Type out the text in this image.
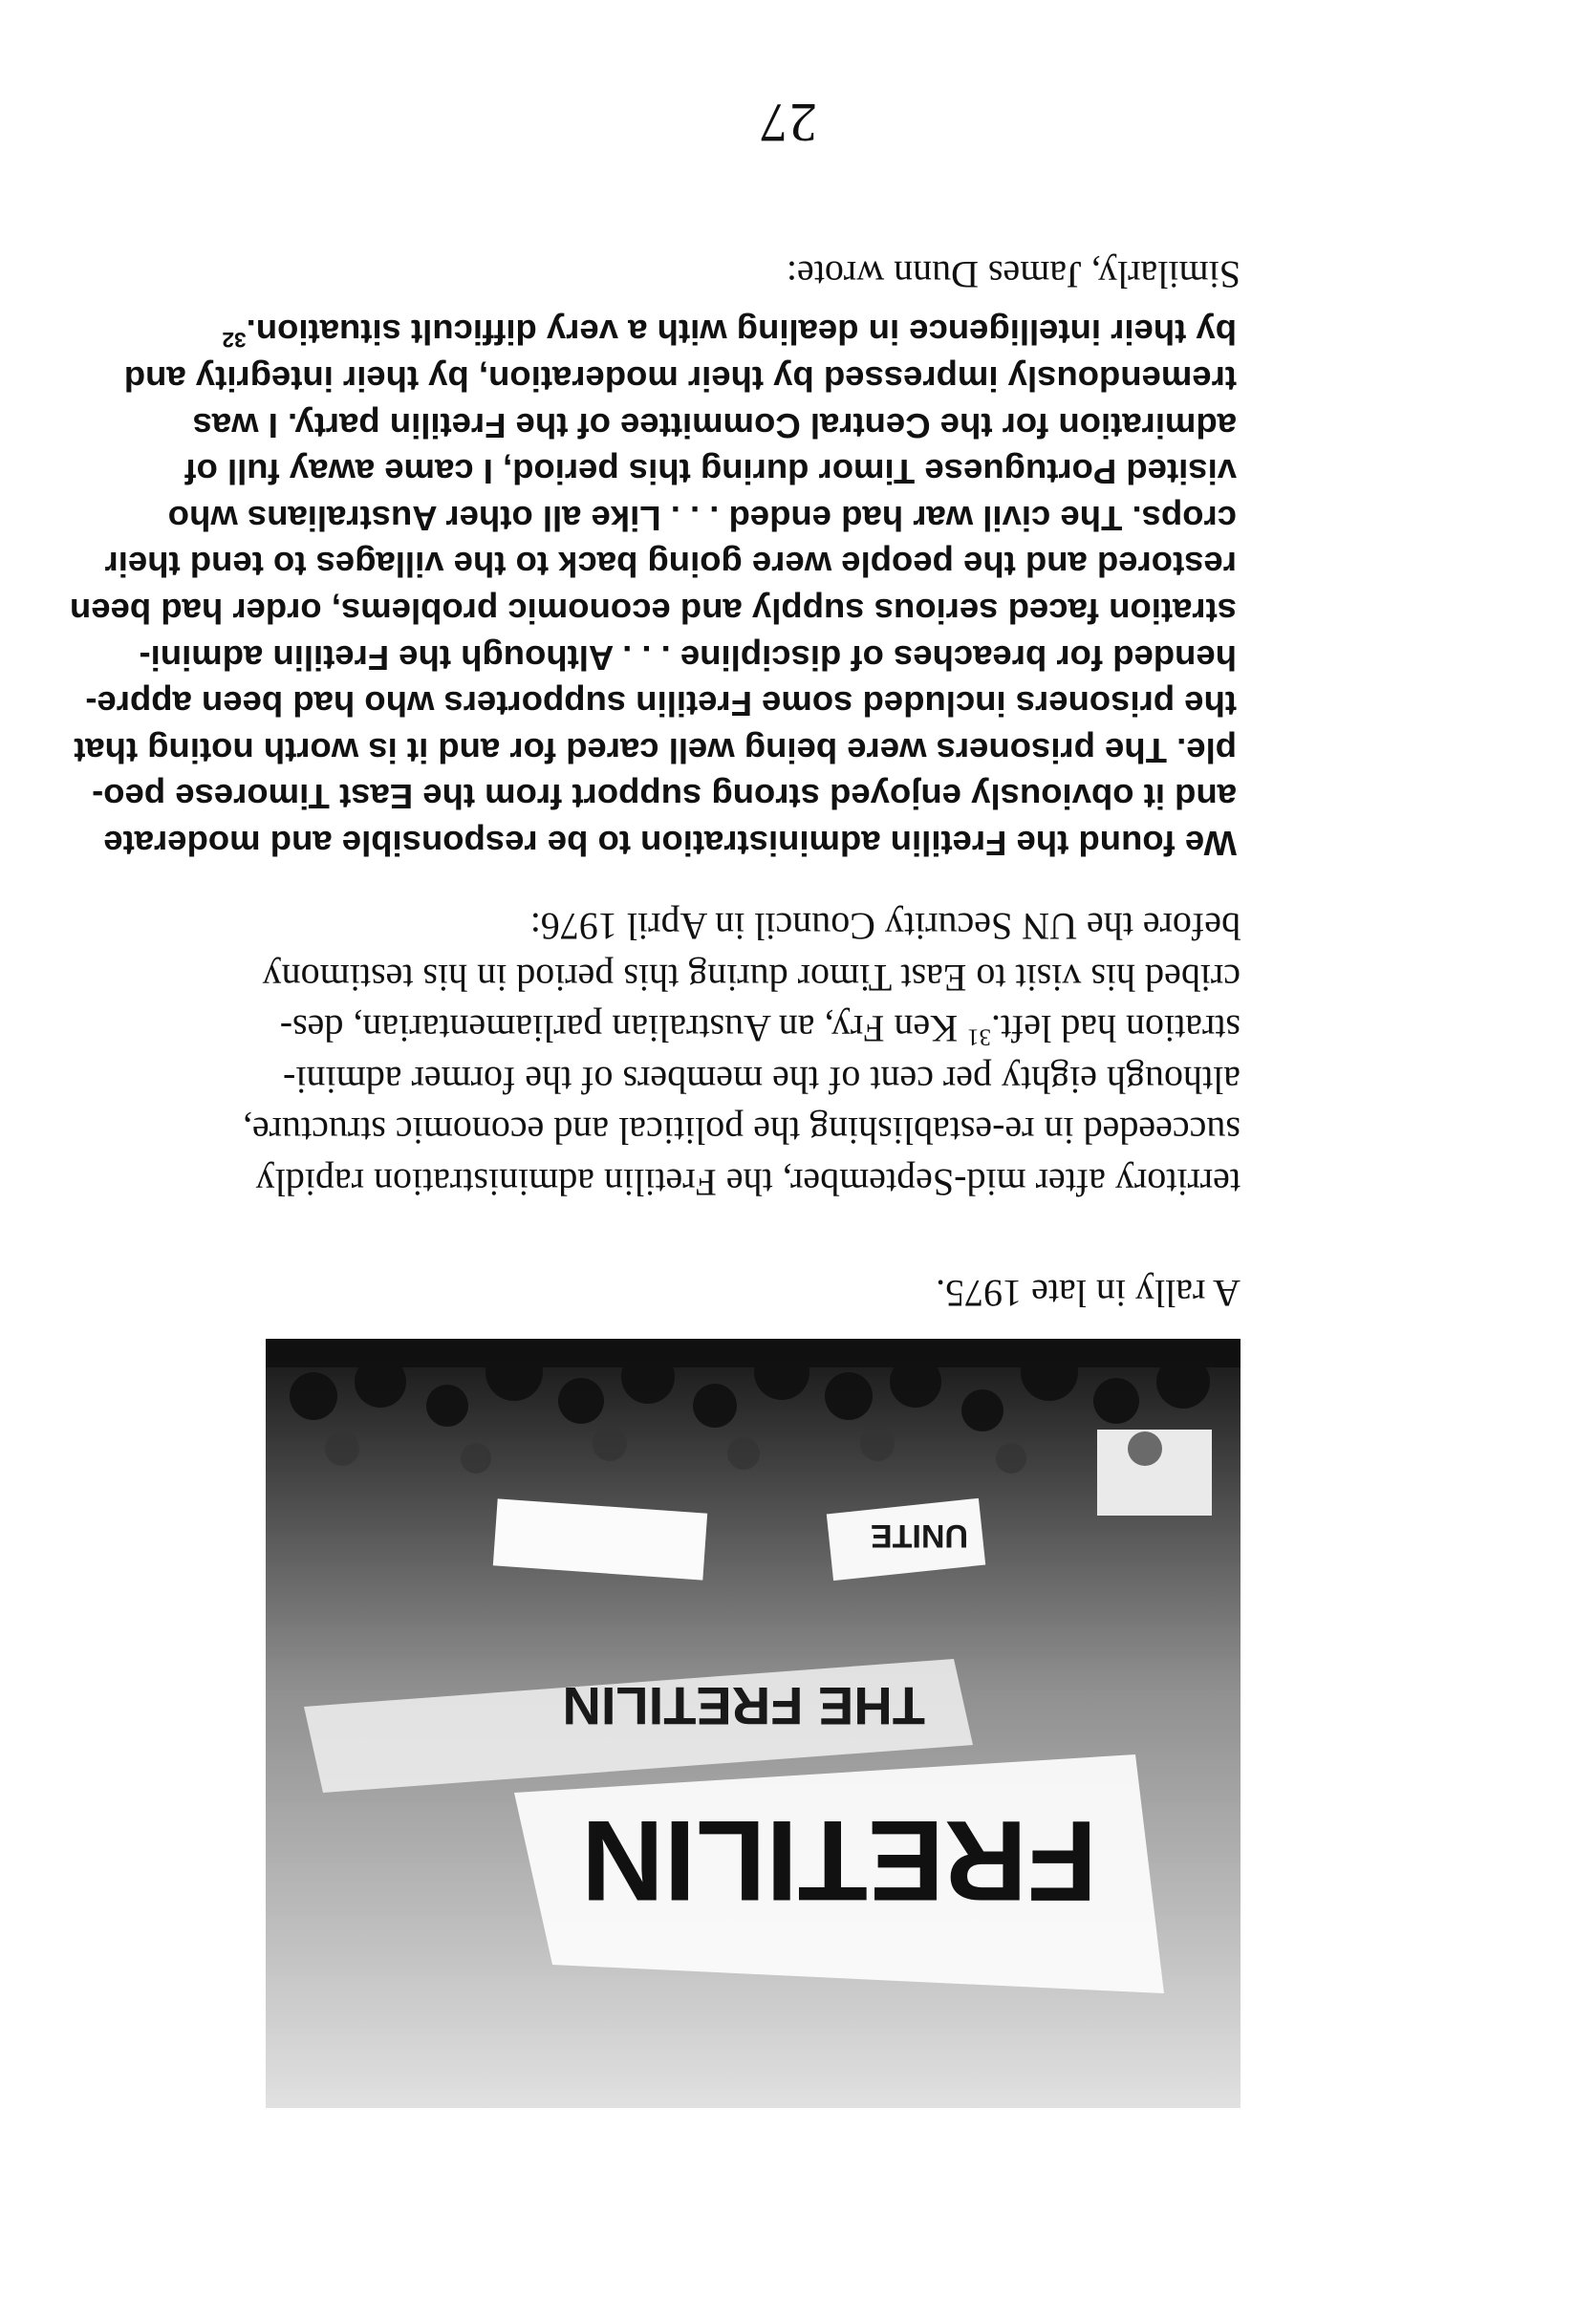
FRETILIN
THE FRETILIN
UNITE
A rally in late 1975.
territory after mid-September, the Fretilin administration rapidly
succeeded in re-establishing the political and economic structure,
although eighty per cent of the members of the former admini-
stration had left.$^{31}$ Ken Fry, an Australian parliamentarian, des-
cribed his visit to East Timor during this period in his testimony
before the UN Security Council in April 1976:
We found the Fretilin administration to be responsible and moderate
and it obviously enjoyed strong support from the East Timorese peo-
ple. The prisoners were being well cared for and it is worth noting that
the prisoners included some Fretilin supporters who had been appre-
hended for breaches of discipline . . . Although the Fretilin admini-
stration faced serious supply and economic problems, order had been
restored and the people were going back to the villages to tend their
crops. The civil war had ended . . . Like all other Australians who
visited Portuguese Timor during this period, I came away full of
admiration for the Central Committee of the Fretilin party. I was
tremendously impressed by their moderation, by their integrity and
by their intelligence in dealing with a very difficult situation.$^{32}$
Similarly, James Dunn wrote:
27
